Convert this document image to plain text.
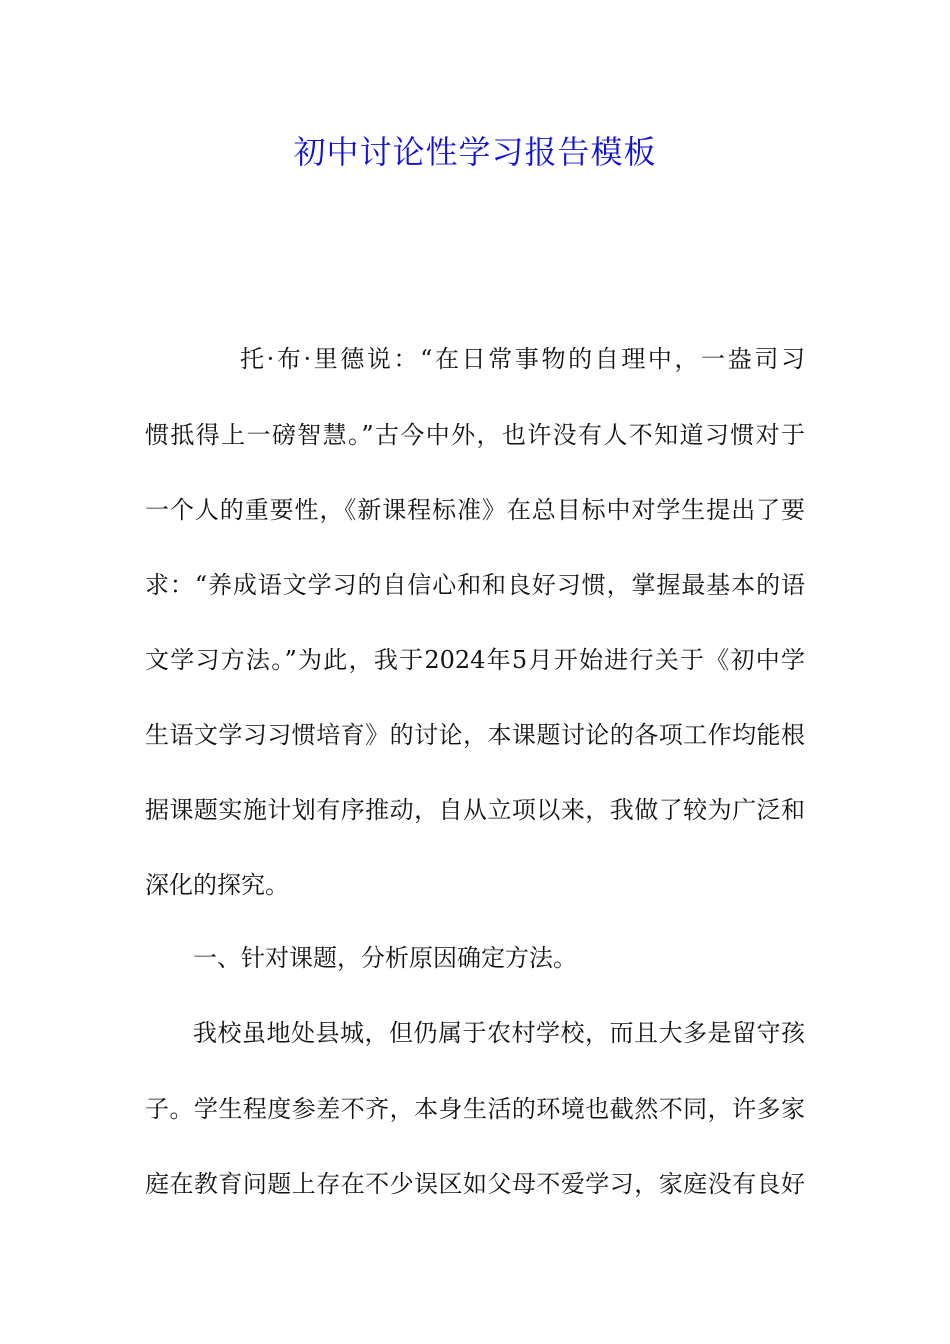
初中讨论性学习报告模板
托·布·里德说：“在日常事物的自理中，一盎司习
惯抵得上一磅智慧。”古今中外，也许没有人不知道习惯对于
一个人的重要性，《新课程标准》在总目标中对学生提出了要
求：“养成语文学习的自信心和和良好习惯，掌握最基本的语
文学习方法。”为此，我于2024年5月开始进行关于《初中学
生语文学习习惯培育》的讨论，本课题讨论的各项工作均能根
据课题实施计划有序推动，自从立项以来，我做了较为广泛和
深化的探究。
一、针对课题，分析原因确定方法。
我校虽地处县城，但仍属于农村学校，而且大多是留守孩
子。学生程度参差不齐，本身生活的环境也截然不同，许多家
庭在教育问题上存在不少误区如父母不爱学习，家庭没有良好
